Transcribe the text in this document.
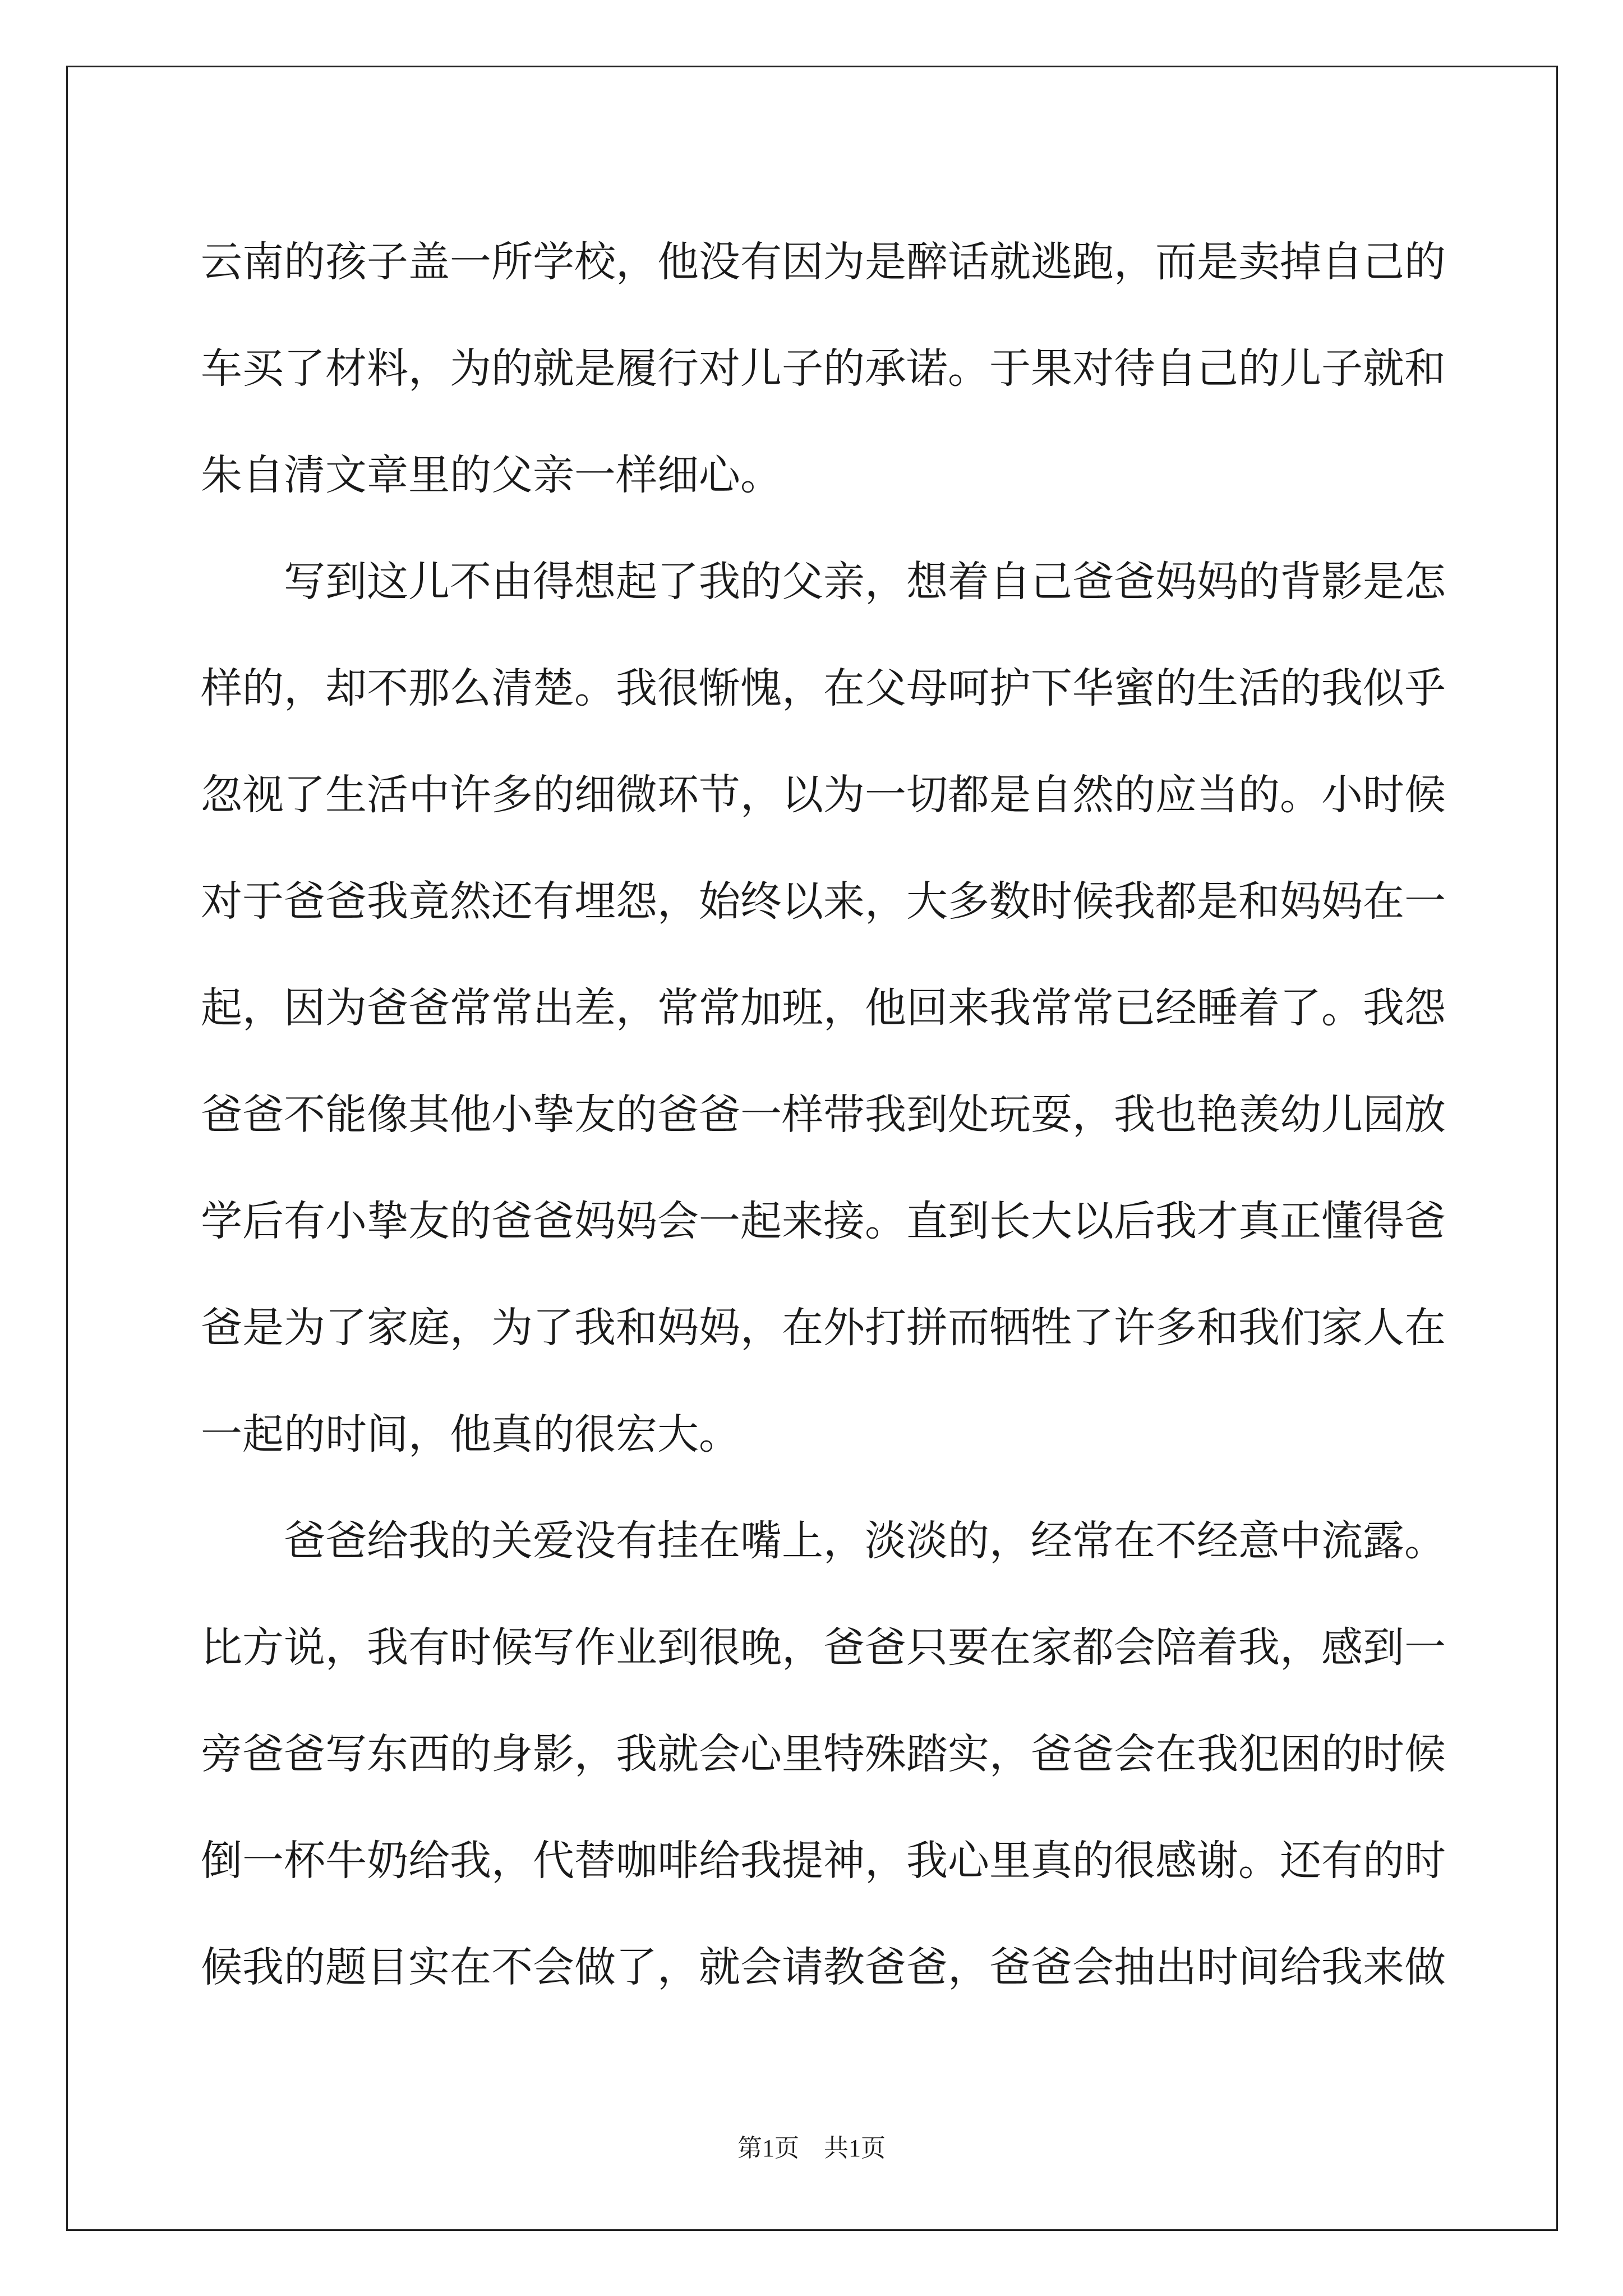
云南的孩子盖一所学校，他没有因为是醉话就逃跑，而是卖掉自己的
车买了材料，为的就是履行对儿子的承诺。于果对待自己的儿子就和
朱自清文章里的父亲一样细心。
写到这儿不由得想起了我的父亲，想着自己爸爸妈妈的背影是怎
样的，却不那么清楚。我很惭愧，在父母呵护下华蜜的生活的我似乎
忽视了生活中许多的细微环节，以为一切都是自然的应当的。小时候
对于爸爸我竟然还有埋怨，始终以来，大多数时候我都是和妈妈在一
起，因为爸爸常常出差，常常加班，他回来我常常已经睡着了。我怨
爸爸不能像其他小挚友的爸爸一样带我到处玩耍，我也艳羡幼儿园放
学后有小挚友的爸爸妈妈会一起来接。直到长大以后我才真正懂得爸
爸是为了家庭，为了我和妈妈，在外打拼而牺牲了许多和我们家人在
一起的时间，他真的很宏大。
爸爸给我的关爱没有挂在嘴上，淡淡的，经常在不经意中流露。
比方说，我有时候写作业到很晚，爸爸只要在家都会陪着我，感到一
旁爸爸写东西的身影，我就会心里特殊踏实，爸爸会在我犯困的时候
倒一杯牛奶给我，代替咖啡给我提神，我心里真的很感谢。还有的时
候我的题目实在不会做了，就会请教爸爸，爸爸会抽出时间给我来做
第1页 共1页
